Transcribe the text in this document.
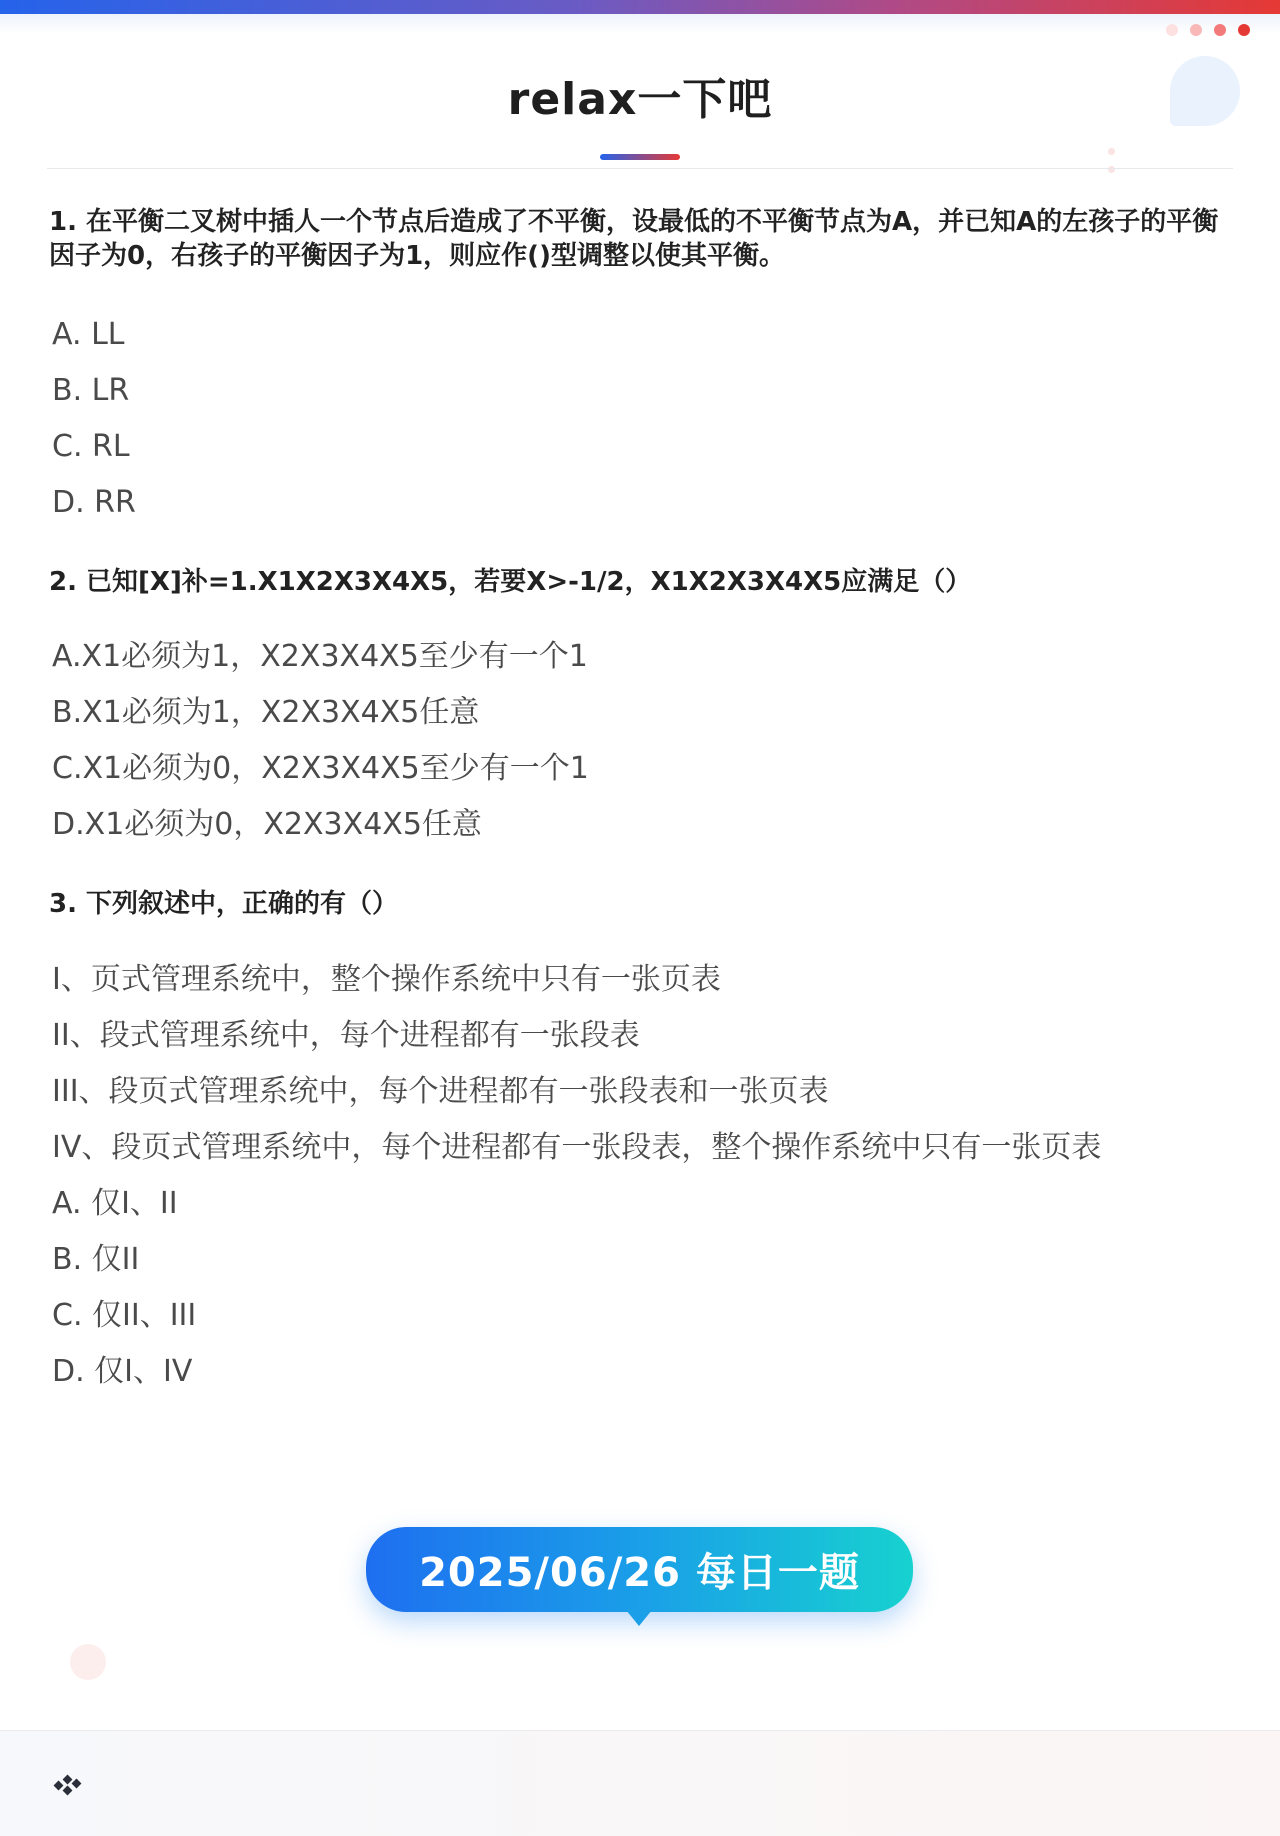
relax一下吧
1. 在平衡二叉树中插人一个节点后造成了不平衡，设最低的不平衡节点为A，并已知A的左孩子的平衡因子为0，右孩子的平衡因子为1，则应作()型调整以使其平衡。
A. LL
B. LR
C. RL
D. RR
2. 已知[X]补=1.X1X2X3X4X5，若要X>-1/2，X1X2X3X4X5应满足（）
A.X1必须为1，X2X3X4X5至少有一个1
B.X1必须为1，X2X3X4X5任意
C.X1必须为0，X2X3X4X5至少有一个1
D.X1必须为0，X2X3X4X5任意
3. 下列叙述中，正确的有（）
I、页式管理系统中，整个操作系统中只有一张页表
II、段式管理系统中，每个进程都有一张段表
III、段页式管理系统中，每个进程都有一张段表和一张页表
IV、段页式管理系统中，每个进程都有一张段表，整个操作系统中只有一张页表
A. 仅I、II
B. 仅II
C. 仅II、III
D. 仅I、IV
2025/06/26 每日一题
